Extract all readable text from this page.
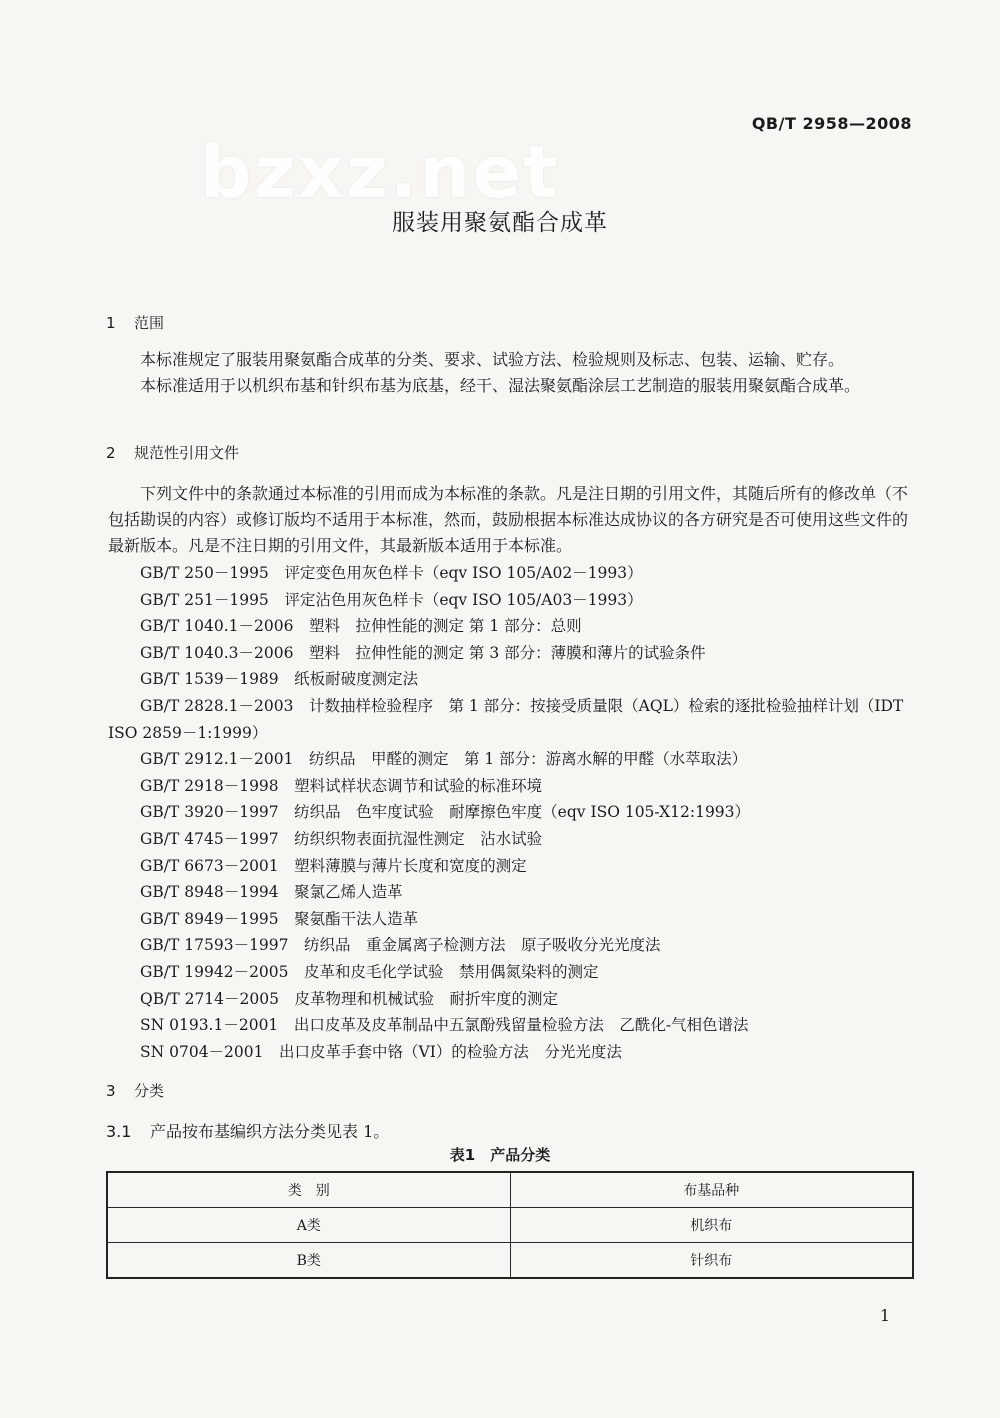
QB/T 2958—2008
bzxz.net
服装用聚氨酯合成革
1 范围
本标准规定了服装用聚氨酯合成革的分类、要求、试验方法、检验规则及标志、包装、运输、贮存。
本标准适用于以机织布基和针织布基为底基，经干、湿法聚氨酯涂层工艺制造的服装用聚氨酯合成革。
2 规范性引用文件
下列文件中的条款通过本标准的引用而成为本标准的条款。凡是注日期的引用文件，其随后所有的修改单（不包括勘误的内容）或修订版均不适用于本标准，然而，鼓励根据本标准达成协议的各方研究是否可使用这些文件的最新版本。凡是不注日期的引用文件，其最新版本适用于本标准。
GB/T 250－1995　 评定变色用灰色样卡（eqv ISO 105/A02－1993）
GB/T 251－1995　 评定沾色用灰色样卡（eqv ISO 105/A03－1993）
GB/T 1040.1－2006　 塑料　拉伸性能的测定 第 1 部分：总则
GB/T 1040.3－2006　 塑料　拉伸性能的测定 第 3 部分：薄膜和薄片的试验条件
GB/T 1539－1989　 纸板耐破度测定法
GB/T 2828.1－2003　 计数抽样检验程序　第 1 部分：按接受质量限（AQL）检索的逐批检验抽样计划（IDT ISO 2859－1:1999）
GB/T 2912.1－2001　 纺织品　甲醛的测定　第 1 部分：游离水解的甲醛（水萃取法）
GB/T 2918－1998　 塑料试样状态调节和试验的标准环境
GB/T 3920－1997　 纺织品　色牢度试验　耐摩擦色牢度（eqv ISO 105-X12:1993）
GB/T 4745－1997　 纺织织物表面抗湿性测定　沾水试验
GB/T 6673－2001　 塑料薄膜与薄片长度和宽度的测定
GB/T 8948－1994　 聚氯乙烯人造革
GB/T 8949－1995　 聚氨酯干法人造革
GB/T 17593－1997　 纺织品　重金属离子检测方法　原子吸收分光光度法
GB/T 19942－2005　 皮革和皮毛化学试验　禁用偶氮染料的测定
QB/T 2714－2005　 皮革物理和机械试验　耐折牢度的测定
SN 0193.1－2001　 出口皮革及皮革制品中五氯酚残留量检验方法　乙酰化-气相色谱法
SN 0704－2001　 出口皮革手套中铬（VI）的检验方法　分光光度法
3 分类
3.1 产品按布基编织方法分类见表 1。
表1　产品分类
类　别	布基品种
A类	机织布
B类	针织布
1
